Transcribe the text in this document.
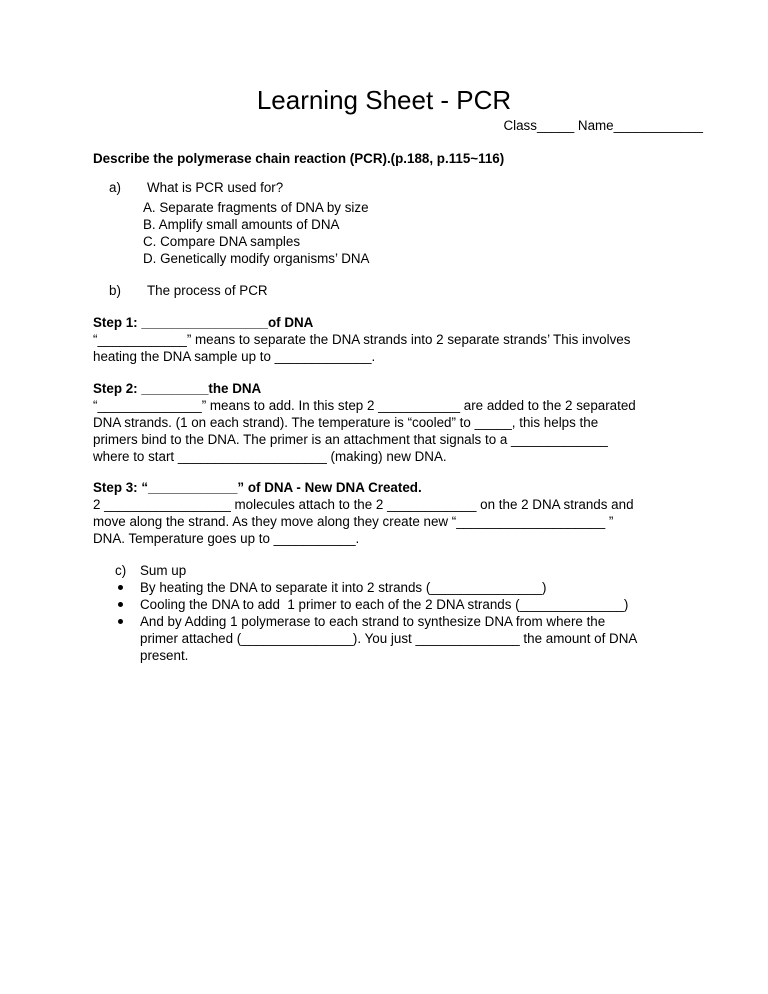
Learning Sheet - PCR
Class_____ Name____________
Describe the polymerase chain reaction (PCR).(p.188, p.115~116)
a) What is PCR used for?
A. Separate fragments of DNA by size
B. Amplify small amounts of DNA
C. Compare DNA samples
D. Genetically modify organisms’ DNA
b) The process of PCR
Step 1: _________________of DNA
“____________” means to separate the DNA strands into 2 separate strands’ This involves
heating the DNA sample up to _____________.
Step 2: _________the DNA
“______________” means to add. In this step 2 ___________ are added to the 2 separated
DNA strands. (1 on each strand). The temperature is “cooled” to _____, this helps the
primers bind to the DNA. The primer is an attachment that signals to a _____________
where to start ____________________ (making) new DNA.
Step 3: “____________” of DNA - New DNA Created.
2 _________________ molecules attach to the 2 ____________ on the 2 DNA strands and
move along the strand. As they move along they create new “____________________ ”
DNA. Temperature goes up to ___________.
c) Sum up
By heating the DNA to separate it into 2 strands (_______________)
Cooling the DNA to add  1 primer to each of the 2 DNA strands (______________)
And by Adding 1 polymerase to each strand to synthesize DNA from where the
primer attached (_______________). You just ______________ the amount of DNA
present.
